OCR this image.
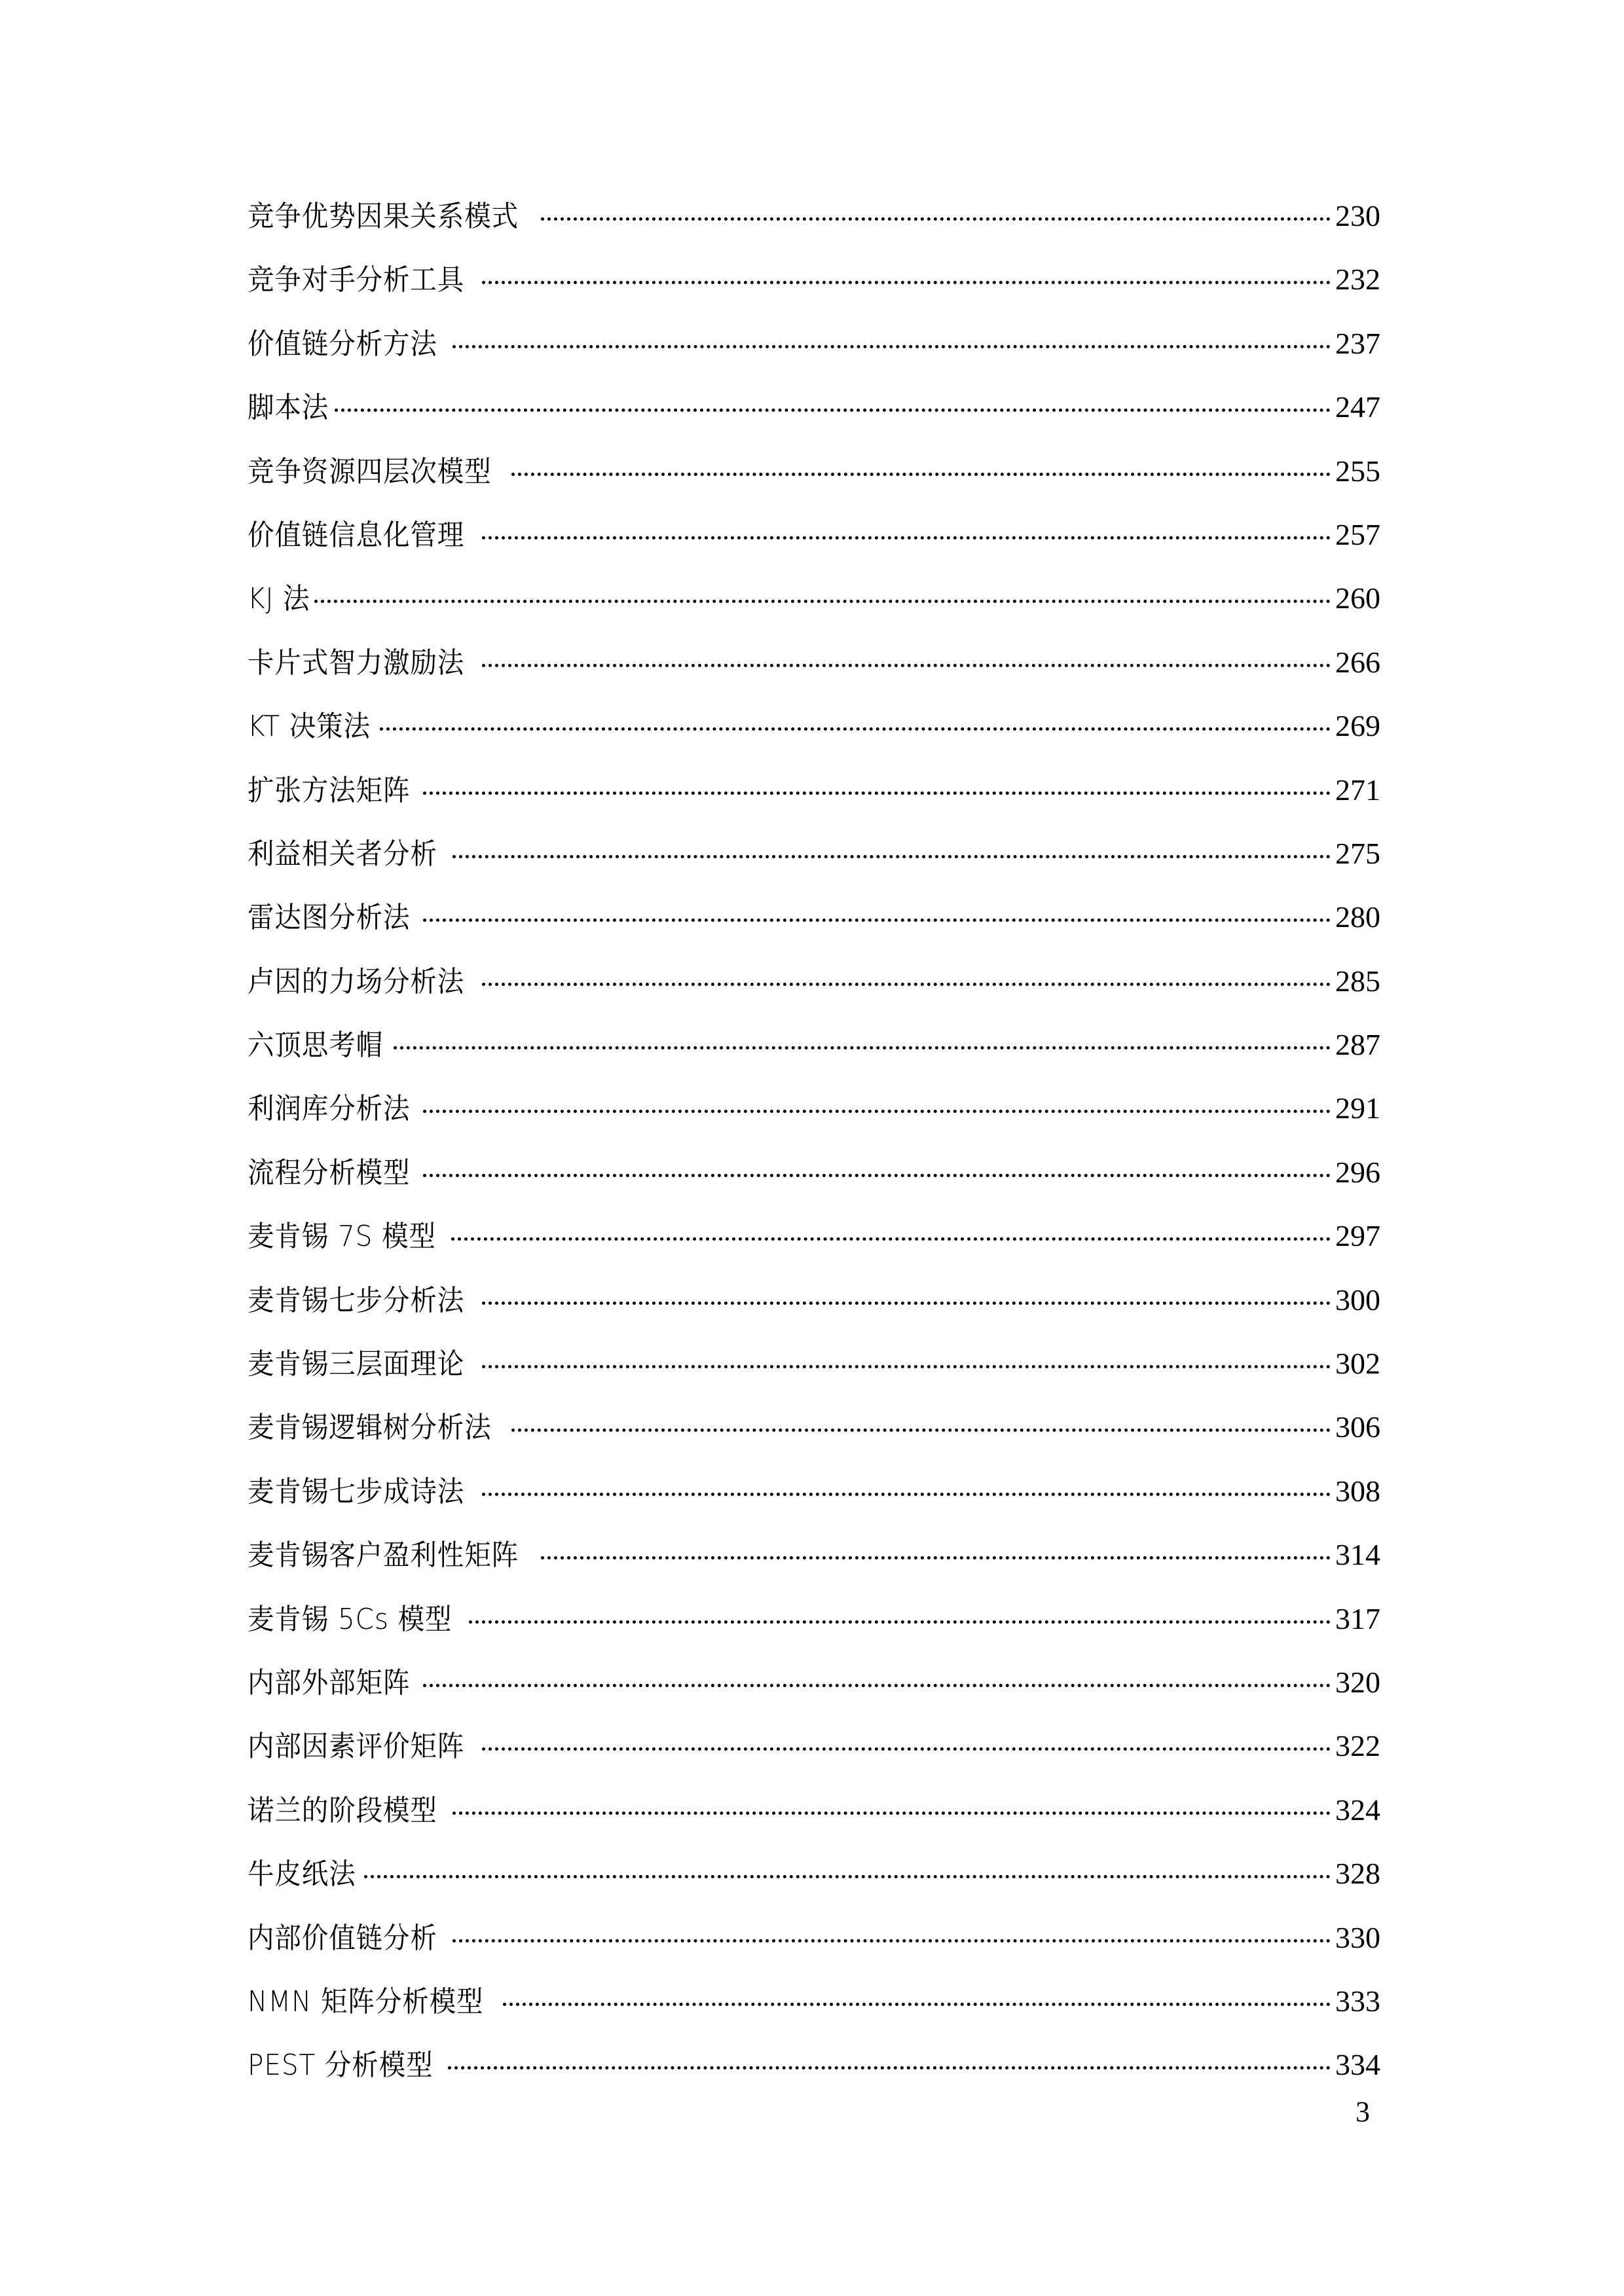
竞争优势因果关系模式	230
竞争对手分析工具	232
价值链分析方法	237
脚本法	247
竞争资源四层次模型	255
价值链信息化管理	257
KJ 法	260
卡片式智力激励法	266
KT 决策法	269
扩张方法矩阵	271
利益相关者分析	275
雷达图分析法	280
卢因的力场分析法	285
六顶思考帽	287
利润库分析法	291
流程分析模型	296
麦肯锡 7S 模型	297
麦肯锡七步分析法	300
麦肯锡三层面理论	302
麦肯锡逻辑树分析法	306
麦肯锡七步成诗法	308
麦肯锡客户盈利性矩阵	314
麦肯锡 5Cs 模型	317
内部外部矩阵	320
内部因素评价矩阵	322
诺兰的阶段模型	324
牛皮纸法	328
内部价值链分析	330
NMN 矩阵分析模型	333
PEST 分析模型	334
3
